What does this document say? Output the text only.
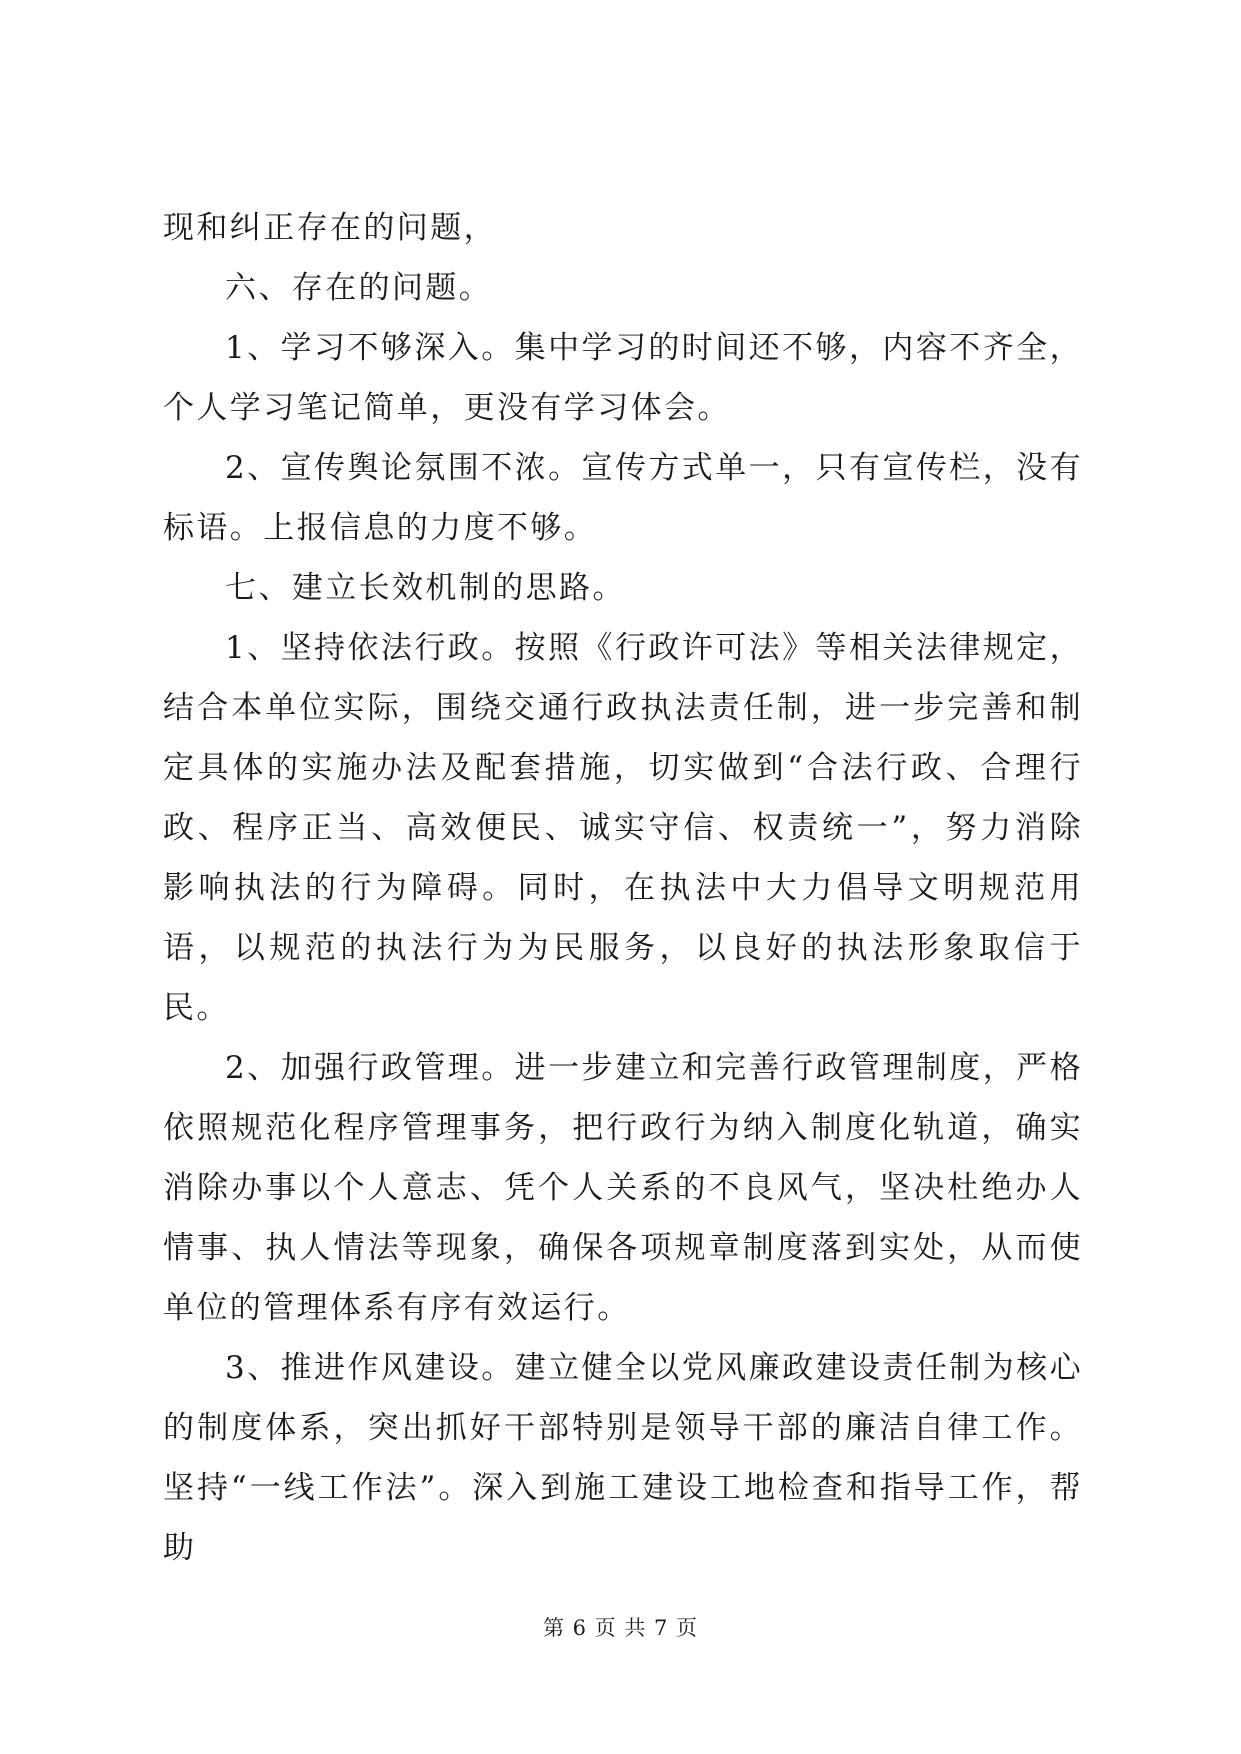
现和纠正存在的问题，

六、存在的问题。

1、学习不够深入。集中学习的时间还不够，内容不齐全，个人学习笔记简单，更没有学习体会。

2、宣传舆论氛围不浓。宣传方式单一，只有宣传栏，没有标语。上报信息的力度不够。

七、建立长效机制的思路。

1、坚持依法行政。按照《行政许可法》等相关法律规定，结合本单位实际，围绕交通行政执法责任制，进一步完善和制定具体的实施办法及配套措施，切实做到“合法行政、合理行政、程序正当、高效便民、诚实守信、权责统一”，努力消除影响执法的行为障碍。同时，在执法中大力倡导文明规范用语，以规范的执法行为为民服务，以良好的执法形象取信于民。

2、加强行政管理。进一步建立和完善行政管理制度，严格依照规范化程序管理事务，把行政行为纳入制度化轨道，确实消除办事以个人意志、凭个人关系的不良风气，坚决杜绝办人情事、执人情法等现象，确保各项规章制度落到实处，从而使单位的管理体系有序有效运行。

3、推进作风建设。建立健全以党风廉政建设责任制为核心的制度体系，突出抓好干部特别是领导干部的廉洁自律工作。坚持“一线工作法”。深入到施工建设工地检查和指导工作，帮助

第 6 页 共 7 页
